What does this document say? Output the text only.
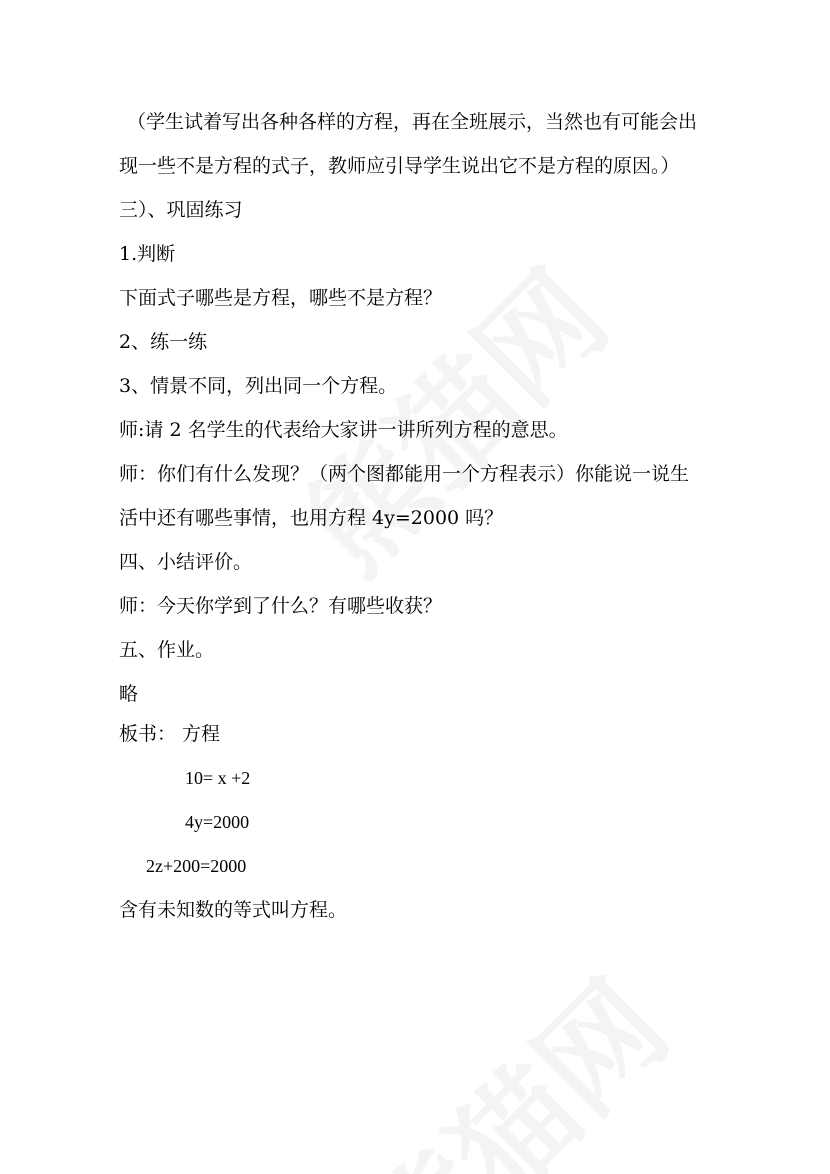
（学生试着写出各种各样的方程，再在全班展示，当然也有可能会出
现一些不是方程的式子，教师应引导学生说出它不是方程的原因。）
三）、巩固练习
1.判断
下面式子哪些是方程，哪些不是方程？
2、练一练
3、情景不同，列出同一个方程。
师:请 2 名学生的代表给大家讲一讲所列方程的意思。
师：你们有什么发现？（两个图都能用一个方程表示）你能说一说生
活中还有哪些事情，也用方程 4y=2000 吗？
四、小结评价。
师：今天你学到了什么？有哪些收获？
五、作业。
略
板书： 方程
10= x +2
4y=2000
2z+200=2000
含有未知数的等式叫方程。
